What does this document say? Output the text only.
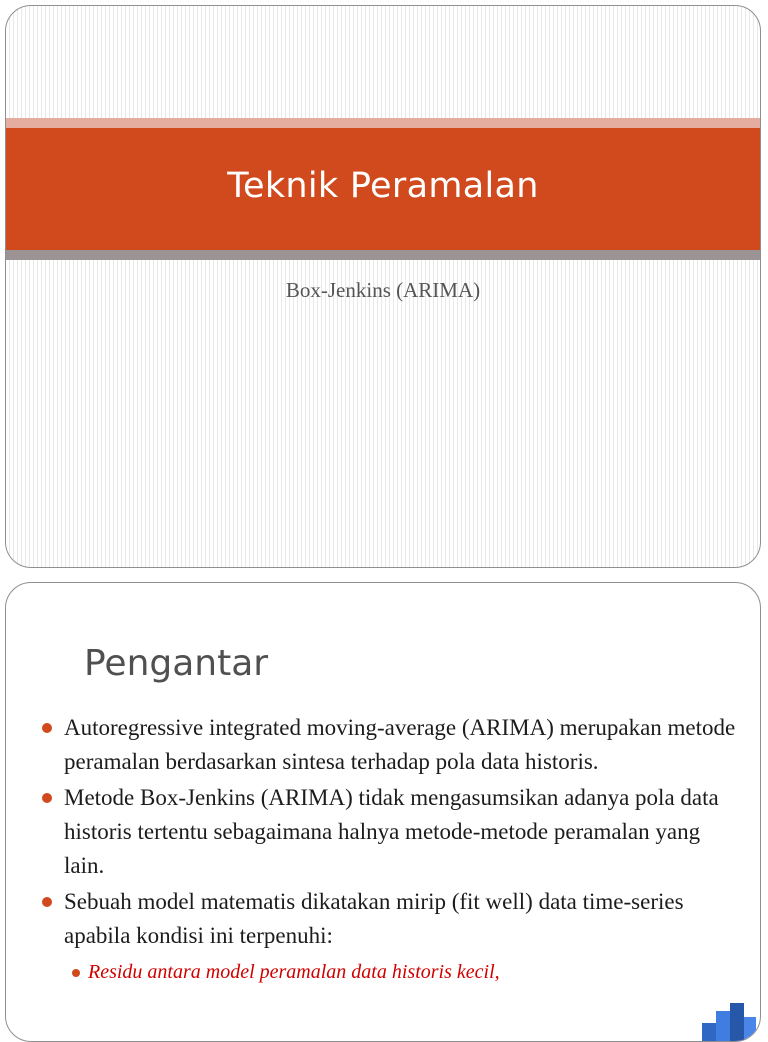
Teknik Peramalan
Box-Jenkins (ARIMA)
Pengantar
Autoregressive integrated moving-average (ARIMA) merupakan metode peramalan berdasarkan sintesa terhadap pola data historis.
Metode Box-Jenkins (ARIMA) tidak mengasumsikan adanya pola data historis tertentu sebagaimana halnya metode-metode peramalan yang lain.
Sebuah model matematis dikatakan mirip (fit well) data time-series apabila kondisi ini terpenuhi:
Residu antara model peramalan data historis kecil,
